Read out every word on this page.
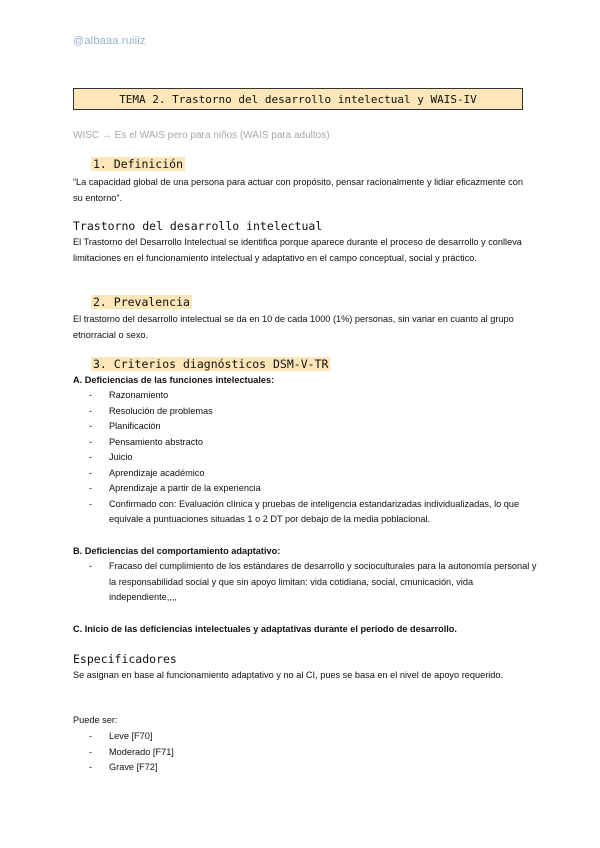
@albaaa.ruiiiz
TEMA 2. Trastorno del desarrollo intelectual y WAIS-IV
WISC → Es el WAIS pero para niños (WAIS para adultos)
1. Definición
“La capacidad global de una persona para actuar con propósito, pensar racionalmente y lidiar eficazmente con su entorno”.
Trastorno del desarrollo intelectual
El Trastorno del Desarrollo Intelectual se identifica porque aparece durante el proceso de desarrollo y conlleva limitaciones en el funcionamiento intelectual y adaptativo en el campo conceptual, social y práctico.
2. Prevalencia
El trastorno del desarrollo intelectual se da en 10 de cada 1000 (1%) personas, sin variar en cuanto al grupo etnorracial o sexo.
3. Criterios diagnósticos DSM-V-TR
A. Deficiencias de las funciones intelectuales:
- Razonamiento
- Resolución de problemas
- Planificación
- Pensamiento abstracto
- Juicio
- Aprendizaje académico
- Aprendizaje a partir de la experiencia
- Confirmado con: Evaluación clínica y pruebas de inteligencia estandarizadas individualizadas, lo que equivale a puntuaciones situadas 1 o 2 DT por debajo de la media poblacional.
B. Deficiencias del comportamiento adaptativo:
- Fracaso del cumplimiento de los estándares de desarrollo y socioculturales para la autonomía personal y la responsabilidad social y que sin apoyo limitan: vida cotidiana, social, cmunicación, vida independiente,,,,
C. Inicio de las deficiencias intelectuales y adaptativas durante el período de desarrollo.
Especificadores
Se asignan en base al funcionamiento adaptativo y no al CI, pues se basa en el nivel de apoyo requerido.
Puede ser:
- Leve [F70]
- Moderado [F71]
- Grave [F72]
